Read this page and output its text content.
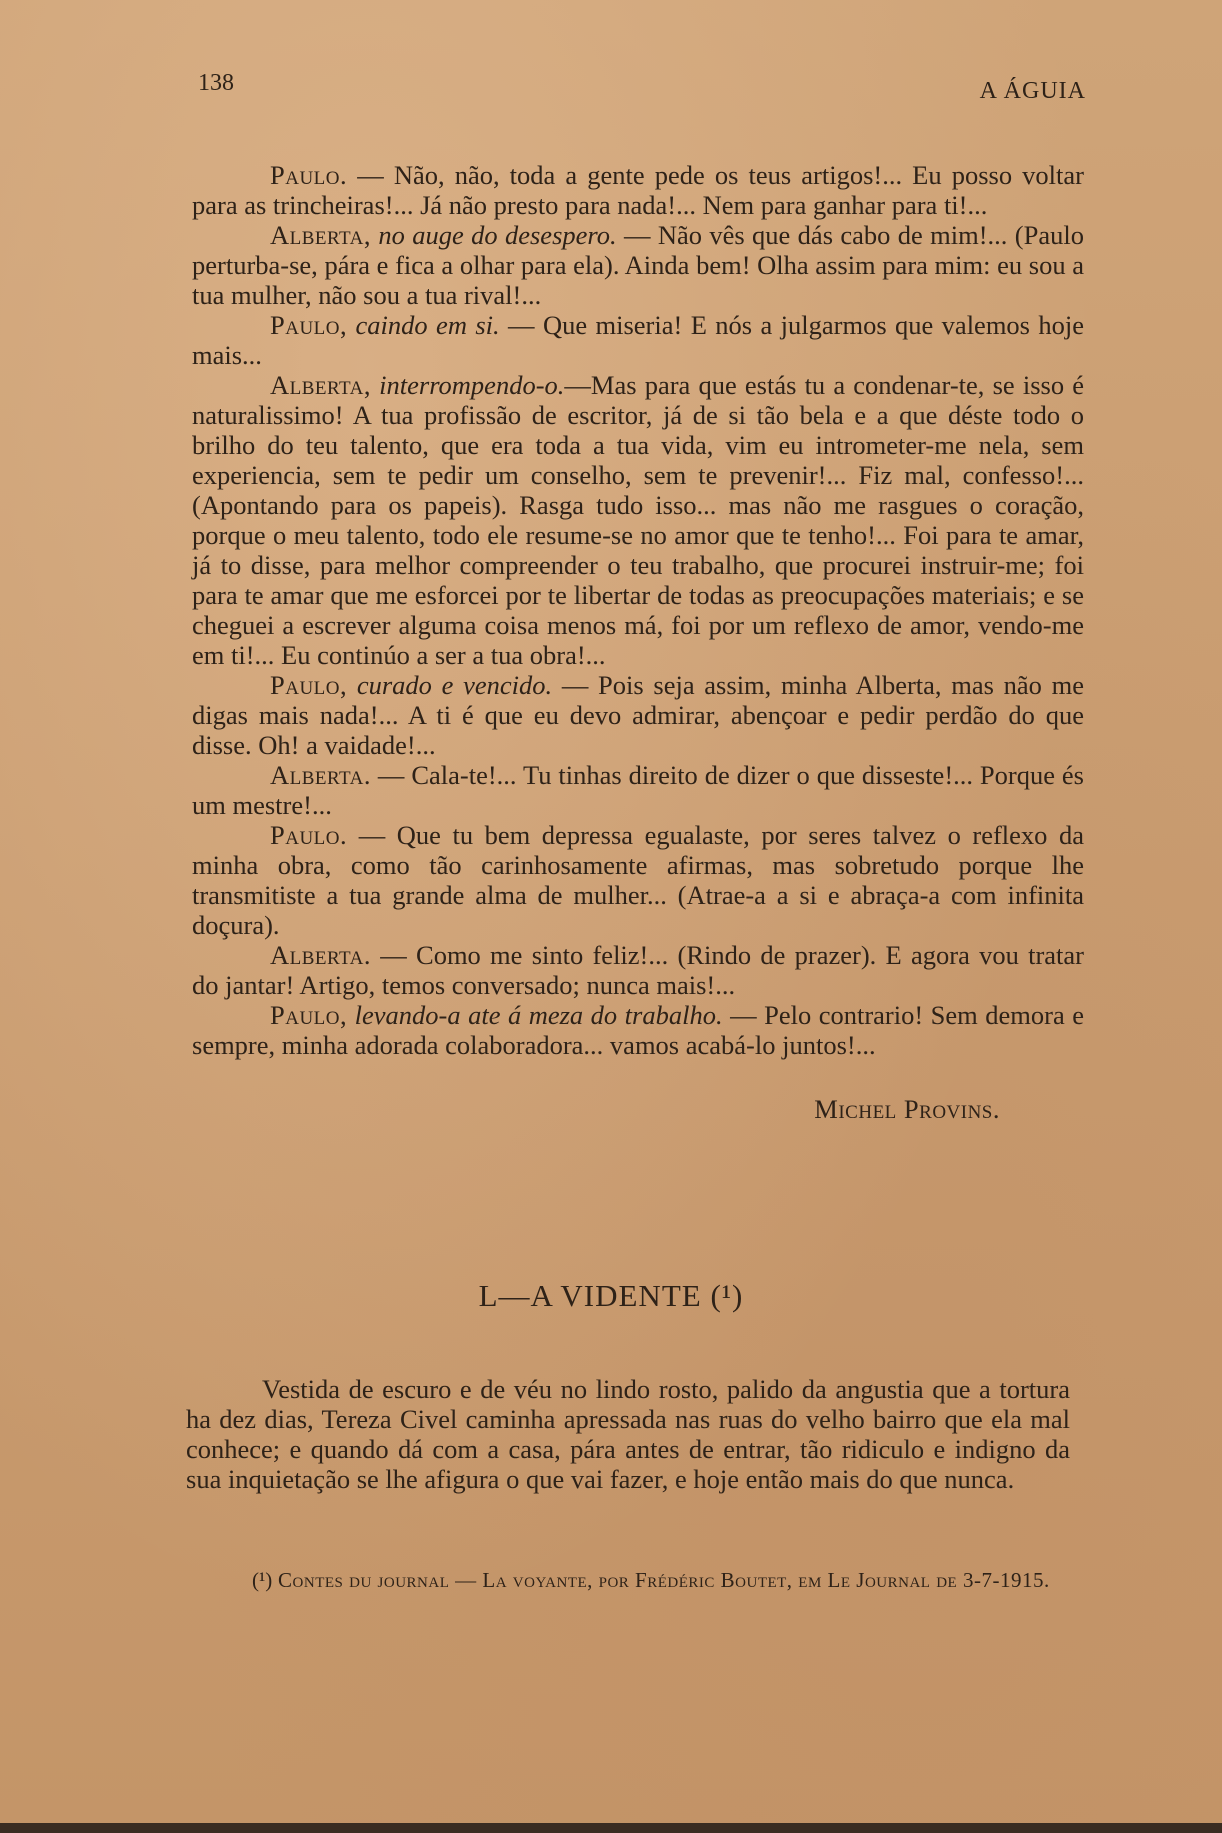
138	A ÁGUIA

Paulo. — Não, não, toda a gente pede os teus artigos!... Eu posso voltar para as trincheiras!... Já não presto para nada!... Nem para ganhar para ti!...

Alberta, no auge do desespero. — Não vês que dás cabo de mim!... (Paulo perturba-se, pára e fica a olhar para ela). Ainda bem! Olha assim para mim: eu sou a tua mulher, não sou a tua rival!...

Paulo, caindo em si. — Que miseria! E nós a julgarmos que valemos hoje mais...

Alberta, interrompendo-o.—Mas para que estás tu a condenar-te, se isso é naturalissimo! A tua profissão de escritor, já de si tão bela e a que déste todo o brilho do teu talento, que era toda a tua vida, vim eu intrometer-me nela, sem experiencia, sem te pedir um conselho, sem te prevenir!... Fiz mal, confesso!... (Apontando para os papeis). Rasga tudo isso... mas não me rasgues o coração, porque o meu talento, todo ele resume-se no amor que te tenho!... Foi para te amar, já to disse, para melhor compreender o teu trabalho, que procurei instruir-me; foi para te amar que me esforcei por te libertar de todas as preocupações materiais; e se cheguei a escrever alguma coisa menos má, foi por um reflexo de amor, vendo-me em ti!... Eu continúo a ser a tua obra!...

Paulo, curado e vencido. — Pois seja assim, minha Alberta, mas não me digas mais nada!... A ti é que eu devo admirar, abençoar e pedir perdão do que disse. Oh! a vaidade!...

Alberta. — Cala-te!... Tu tinhas direito de dizer o que disseste!... Porque és um mestre!...

Paulo. — Que tu bem depressa egualaste, por seres talvez o reflexo da minha obra, como tão carinhosamente afirmas, mas sobretudo porque lhe transmitiste a tua grande alma de mulher... (Atrae-a a si e abraça-a com infinita doçura).

Alberta. — Como me sinto feliz!... (Rindo de prazer). E agora vou tratar do jantar! Artigo, temos conversado; nunca mais!...

Paulo, levando-a ate á meza do trabalho. — Pelo contrario! Sem demora e sempre, minha adorada colaboradora... vamos acabá-lo juntos!...

Michel Provins.
L—A VIDENTE (¹)

Vestida de escuro e de véu no lindo rosto, palido da angustia que a tortura ha dez dias, Tereza Civel caminha apressada nas ruas do velho bairro que ela mal conhece; e quando dá com a casa, pára antes de entrar, tão ridiculo e indigno da sua inquietação se lhe afigura o que vai fazer, e hoje então mais do que nunca.

(¹) Contes du journal — La voyante, por Frédéric Boutet, em Le Journal de 3-7-1915.
